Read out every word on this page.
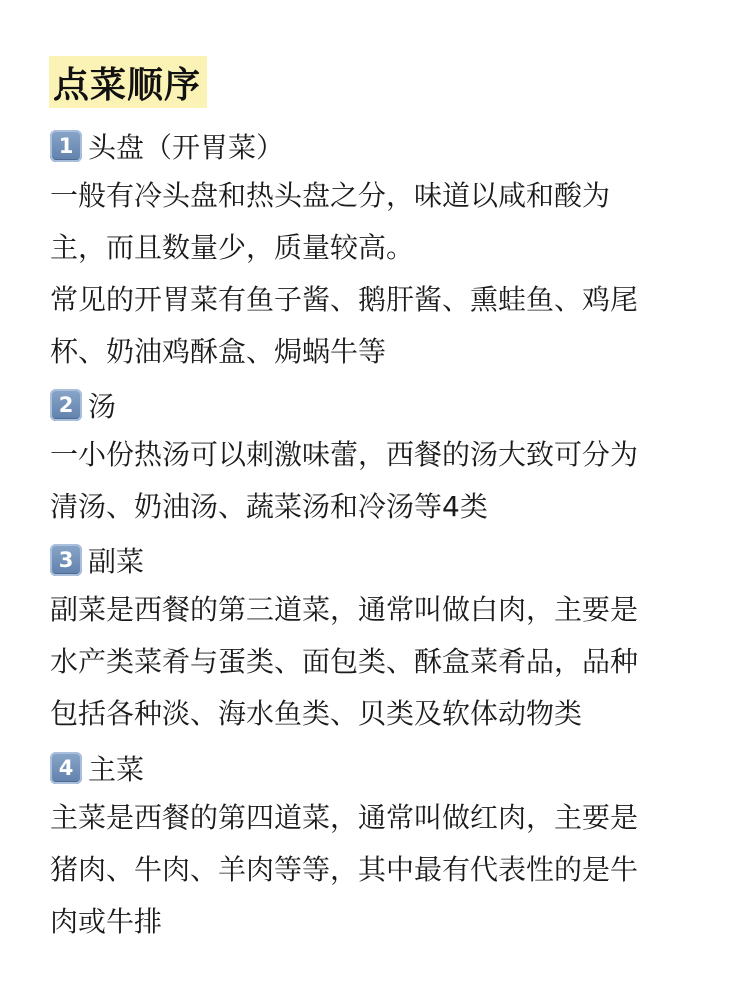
点菜顺序
1 头盘（开胃菜）
一般有冷头盘和热头盘之分，味道以咸和酸为
主，而且数量少，质量较高。
常见的开胃菜有鱼子酱、鹅肝酱、熏蛙鱼、鸡尾
杯、奶油鸡酥盒、焗蜗牛等
2 汤
一小份热汤可以刺激味蕾，西餐的汤大致可分为
清汤、奶油汤、蔬菜汤和冷汤等4类
3 副菜
副菜是西餐的第三道菜，通常叫做白肉，主要是
水产类菜肴与蛋类、面包类、酥盒菜肴品，品种
包括各种淡、海水鱼类、贝类及软体动物类
4 主菜
主菜是西餐的第四道菜，通常叫做红肉，主要是
猪肉、牛肉、羊肉等等，其中最有代表性的是牛
肉或牛排
